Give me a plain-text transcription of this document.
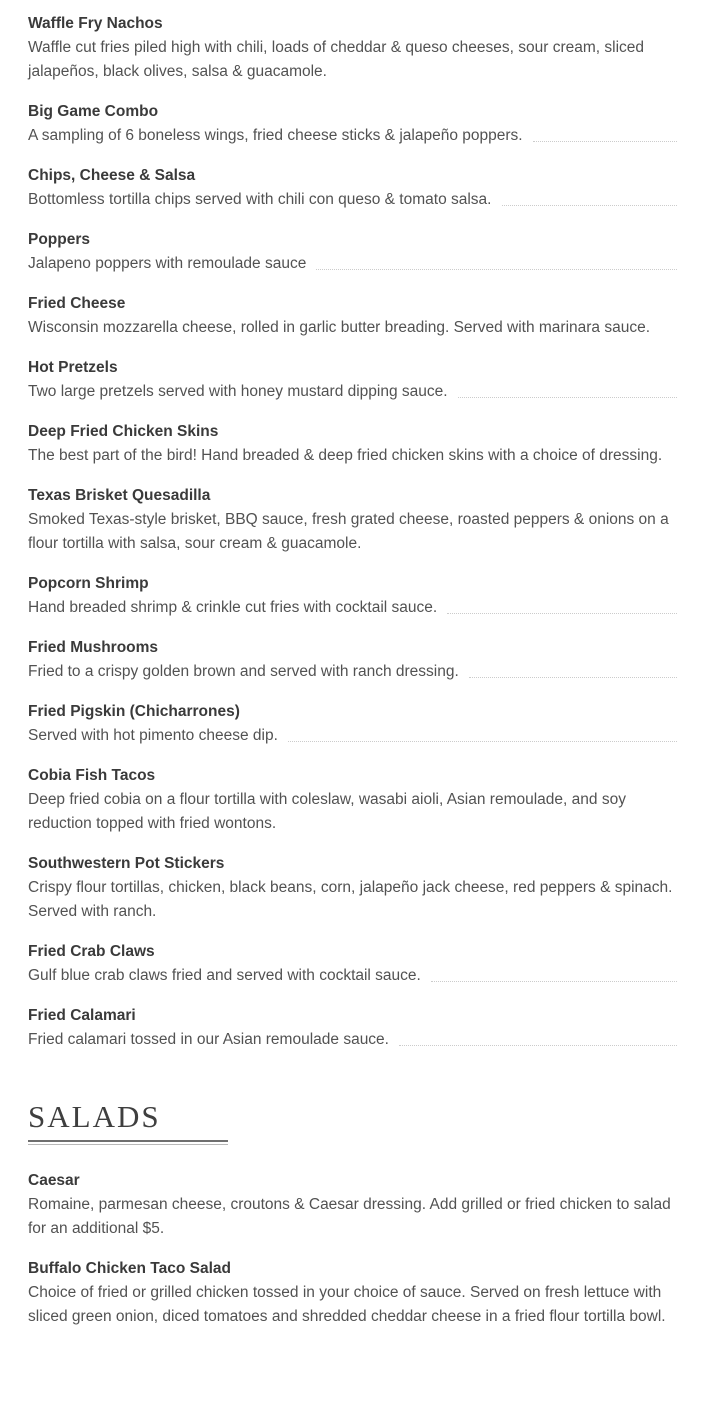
Waffle Fry Nachos

Waffle cut fries piled high with chili, loads of cheddar & queso cheeses, sour cream, sliced jalapeños, black olives, salsa & guacamole.

Big Game Combo

A sampling of 6 boneless wings, fried cheese sticks & jalapeño poppers.

Chips, Cheese & Salsa

Bottomless tortilla chips served with chili con queso & tomato salsa.

Poppers

Jalapeno poppers with remoulade sauce

Fried Cheese

Wisconsin mozzarella cheese, rolled in garlic butter breading. Served with marinara sauce.

Hot Pretzels

Two large pretzels served with honey mustard dipping sauce.

Deep Fried Chicken Skins

The best part of the bird! Hand breaded & deep fried chicken skins with a choice of dressing.

Texas Brisket Quesadilla

Smoked Texas-style brisket, BBQ sauce, fresh grated cheese, roasted peppers & onions on a flour tortilla with salsa, sour cream & guacamole.

Popcorn Shrimp

Hand breaded shrimp & crinkle cut fries with cocktail sauce.

Fried Mushrooms

Fried to a crispy golden brown and served with ranch dressing.

Fried Pigskin (Chicharrones)

Served with hot pimento cheese dip.

Cobia Fish Tacos

Deep fried cobia on a flour tortilla with coleslaw, wasabi aioli, Asian remoulade, and soy reduction topped with fried wontons.

Southwestern Pot Stickers

Crispy flour tortillas, chicken, black beans, corn, jalapeño jack cheese, red peppers & spinach. Served with ranch.

Fried Crab Claws

Gulf blue crab claws fried and served with cocktail sauce.

Fried Calamari

Fried calamari tossed in our Asian remoulade sauce.

SALADS
Caesar

Romaine, parmesan cheese, croutons & Caesar dressing. Add grilled or fried chicken to salad for an additional $5.

Buffalo Chicken Taco Salad

Choice of fried or grilled chicken tossed in your choice of sauce. Served on fresh lettuce with sliced green onion, diced tomatoes and shredded cheddar cheese in a fried flour tortilla bowl.
